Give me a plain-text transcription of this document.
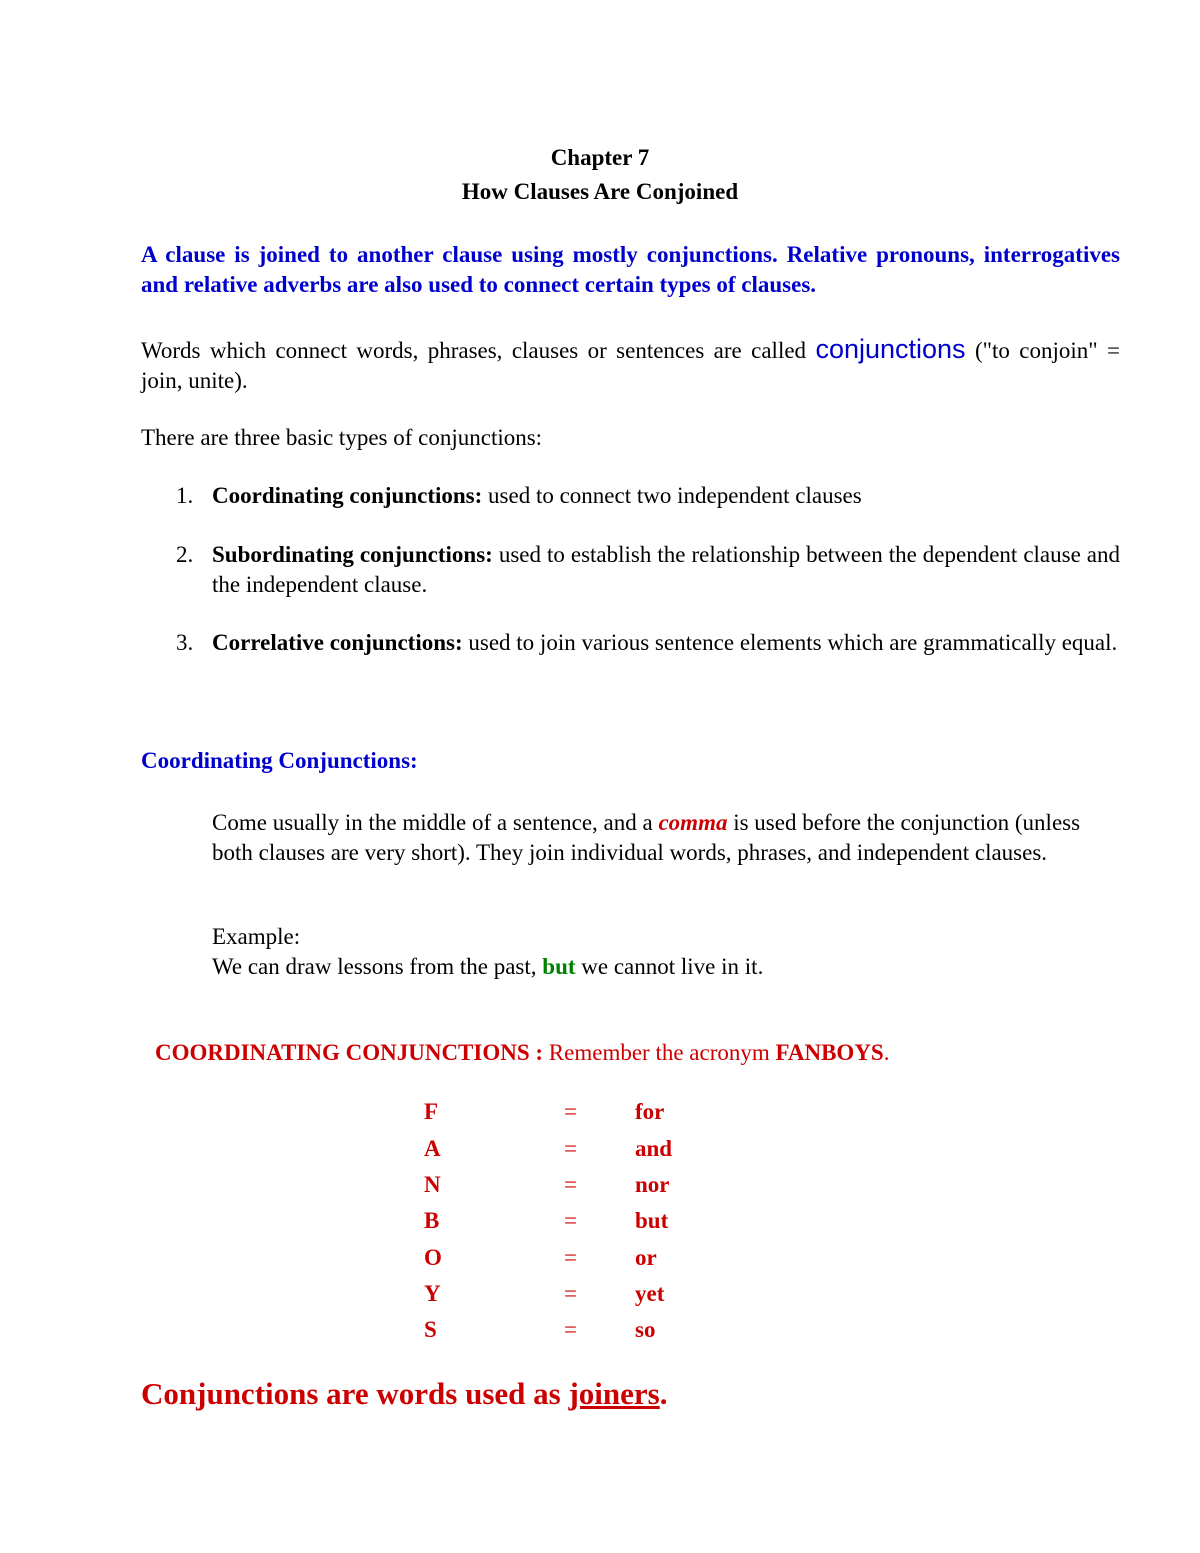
Chapter 7
How Clauses Are Conjoined
A clause is joined to another clause using mostly conjunctions. Relative pronouns, interrogatives and relative adverbs are also used to connect certain types of clauses.
Words which connect words, phrases, clauses or sentences are called conjunctions ("to conjoin" = join, unite).
There are three basic types of conjunctions:
1. Coordinating conjunctions: used to connect two independent clauses
2. Subordinating conjunctions: used to establish the relationship between the dependent clause and the independent clause.
3. Correlative conjunctions: used to join various sentence elements which are grammatically equal.
Coordinating Conjunctions:
Come usually in the middle of a sentence, and a comma is used before the conjunction (unless both clauses are very short). They join individual words, phrases, and independent clauses.
Example:
We can draw lessons from the past, but we cannot live in it.
COORDINATING CONJUNCTIONS : Remember the acronym FANBOYS.
F	=	for
A	=	and
N	=	nor
B	=	but
O	=	or
Y	=	yet
S	=	so
Conjunctions are words used as joiners.
